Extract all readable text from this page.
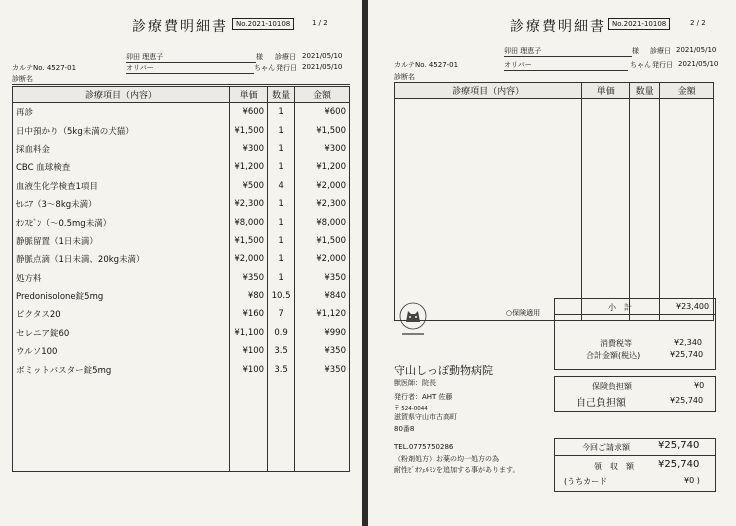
診療費明細書	No.2021-10108	1 / 2
卯田 理恵子	様 診療日 2021/05/10
カルテNo. 4527-01	オリバー	ちゃん 発行日 2021/05/10
診断名
診療項目（内容）	単価	数量	金額
再診	¥600	1	¥600
日中預かり（5kg未満の犬猫）	¥1,500	1	¥1,500
採血料金	¥300	1	¥300
CBC 血球検査	¥1,200	1	¥1,200
血液生化学検査1項目	¥500	4	¥2,000
ｾﾚﾆｱ（3～8kg未満）	¥2,300	1	¥2,300
ｵﾝｽﾋﾞﾝ（～0.5mg未満）	¥8,000	1	¥8,000
静脈留置（1日未満）	¥1,500	1	¥1,500
静脈点滴（1日未満、20kg未満）	¥2,000	1	¥2,000
処方料	¥350	1	¥350
Predonisolone錠5mg	¥80	10.5	¥840
ピクタス20	¥160	7	¥1,120
セレニア錠60	¥1,100	0.9	¥990
ウルソ100	¥100	3.5	¥350
ボミットバスター錠5mg	¥100	3.5	¥350

診療費明細書 No.2021-10108	2 / 2
卯田 理恵子	様 診療日 2021/05/10
カルテNo. 4527-01	オリバー	ちゃん 発行日 2021/05/10
診断名
診療項目（内容）	単価	数量	金額

○保険適用
守山しっぽ動物病院
獣医師：院長
発行者：AHT 佐藤
〒 524-0044
滋賀県守山市古高町
80番8
TEL.0775750286
（粉剤処方）お薬の均一処方の為
耐性ﾋﾞｵﾌｪﾙﾐﾝを追加する事があります。
小　計	¥23,400
消費税等	¥2,340
合計金額(税込)	¥25,740
保険負担額	¥0
自己負担額	¥25,740
今回ご請求額	¥25,740
領　収　額 ¥25,740
(うちカード	¥0 )
